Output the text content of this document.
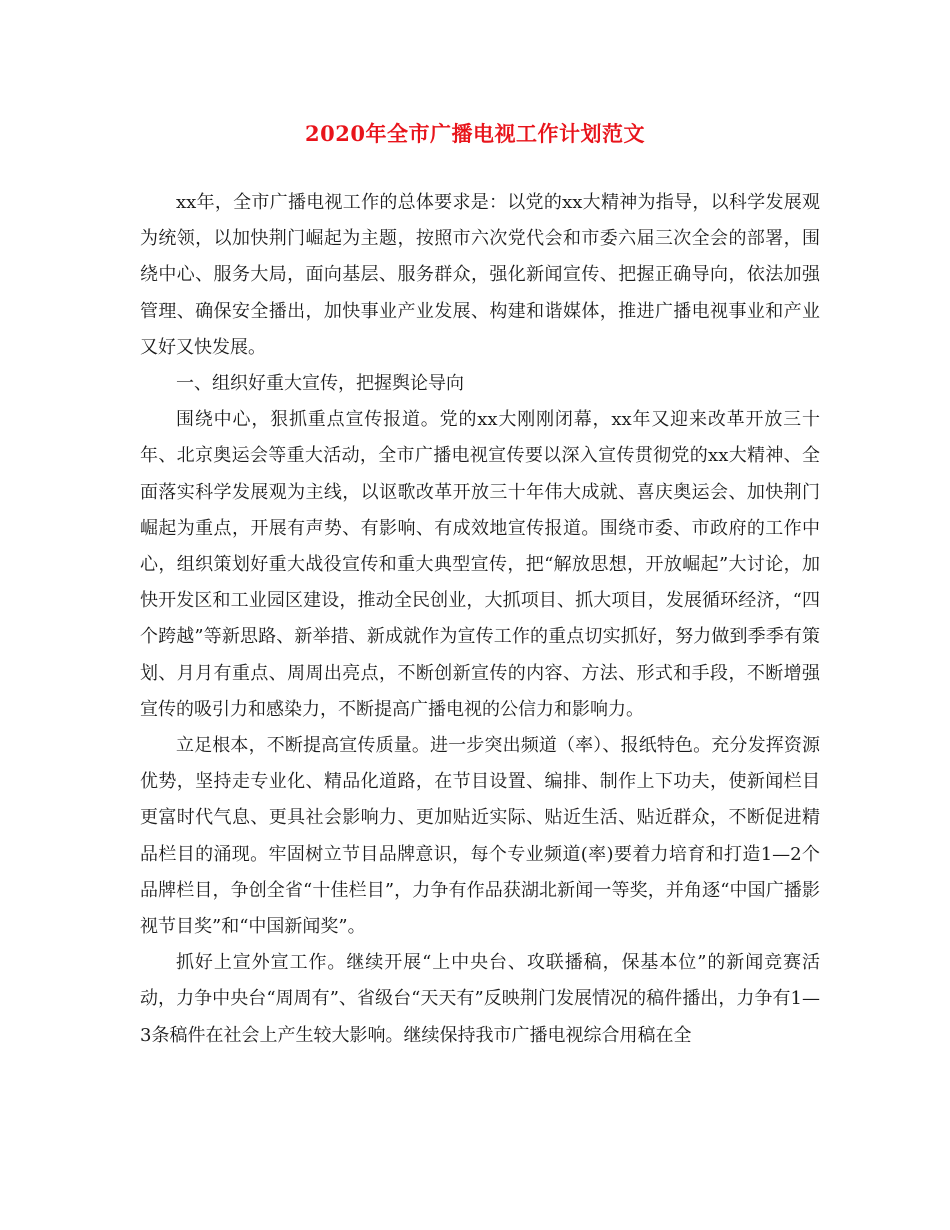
2020年全市广播电视工作计划范文

xx年，全市广播电视工作的总体要求是：以党的xx大精神为指导，以科学发展观为统领，以加快荆门崛起为主题，按照市六次党代会和市委六届三次全会的部署，围绕中心、服务大局，面向基层、服务群众，强化新闻宣传、把握正确导向，依法加强管理、确保安全播出，加快事业产业发展、构建和谐媒体，推进广播电视事业和产业又好又快发展。

一、组织好重大宣传，把握舆论导向

围绕中心，狠抓重点宣传报道。党的xx大刚刚闭幕，xx年又迎来改革开放三十年、北京奥运会等重大活动，全市广播电视宣传要以深入宣传贯彻党的xx大精神、全面落实科学发展观为主线，以讴歌改革开放三十年伟大成就、喜庆奥运会、加快荆门崛起为重点，开展有声势、有影响、有成效地宣传报道。围绕市委、市政府的工作中心，组织策划好重大战役宣传和重大典型宣传，把“解放思想，开放崛起”大讨论，加快开发区和工业园区建设，推动全民创业，大抓项目、抓大项目，发展循环经济，“四个跨越”等新思路、新举措、新成就作为宣传工作的重点切实抓好，努力做到季季有策划、月月有重点、周周出亮点，不断创新宣传的内容、方法、形式和手段，不断增强宣传的吸引力和感染力，不断提高广播电视的公信力和影响力。

立足根本，不断提高宣传质量。进一步突出频道（率）、报纸特色。充分发挥资源优势，坚持走专业化、精品化道路，在节目设置、编排、制作上下功夫，使新闻栏目更富时代气息、更具社会影响力、更加贴近实际、贴近生活、贴近群众，不断促进精品栏目的涌现。牢固树立节目品牌意识，每个专业频道(率)要着力培育和打造1—2个品牌栏目，争创全省“十佳栏目”，力争有作品获湖北新闻一等奖，并角逐“中国广播影视节目奖”和“中国新闻奖”。

抓好上宣外宣工作。继续开展“上中央台、攻联播稿，保基本位”的新闻竞赛活动，力争中央台“周周有”、省级台“天天有”反映荆门发展情况的稿件播出，力争有1—3条稿件在社会上产生较大影响。继续保持我市广播电视综合用稿在全
